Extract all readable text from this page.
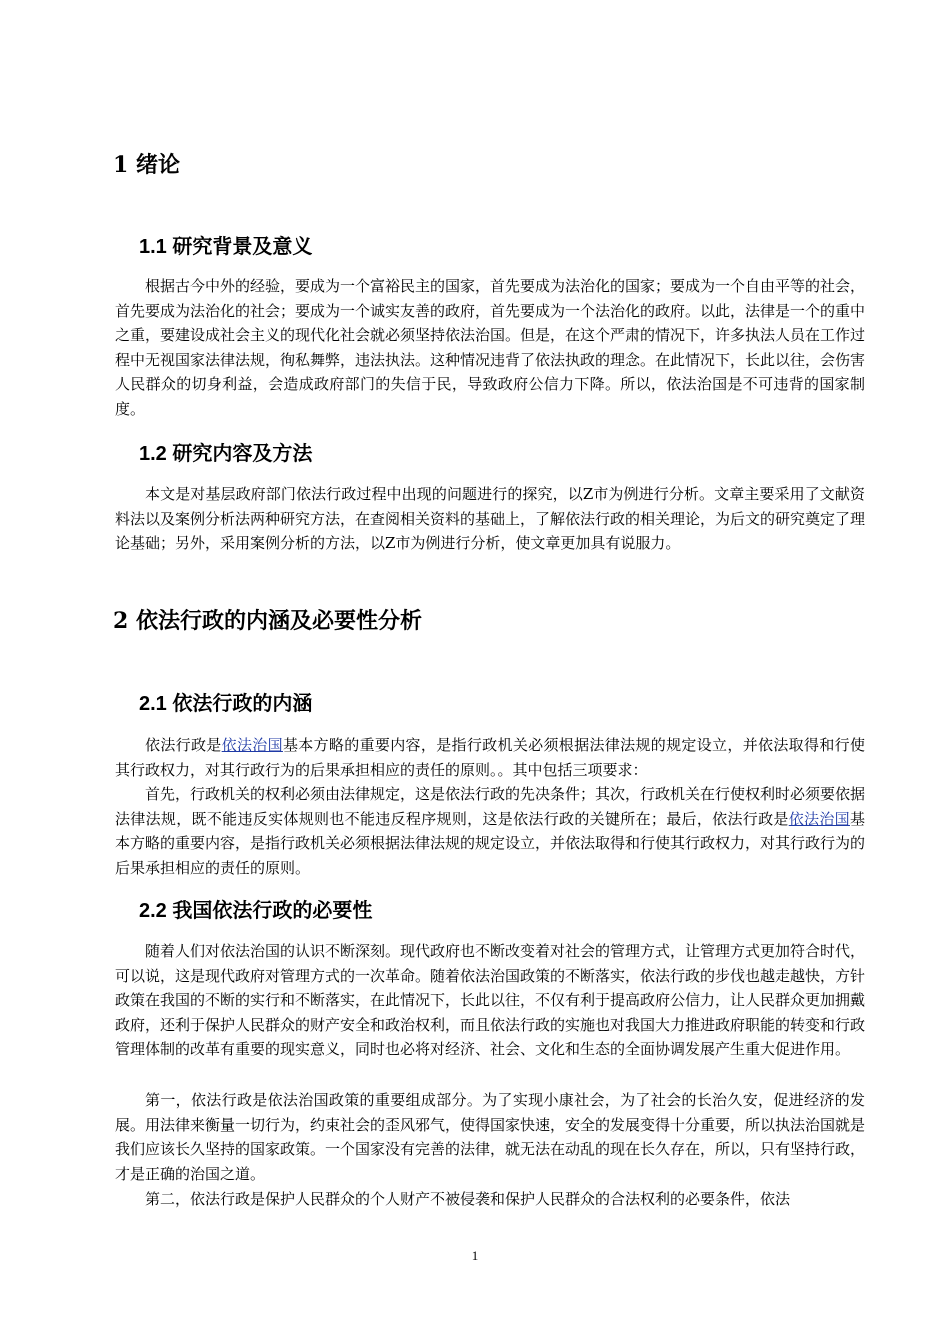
1 绪论
1.1 研究背景及意义

根据古今中外的经验，要成为一个富裕民主的国家，首先要成为法治化的国家；要成为一个自由平等的社会，首先要成为法治化的社会；要成为一个诚实友善的政府，首先要成为一个法治化的政府。以此，法律是一个的重中之重，要建设成社会主义的现代化社会就必须坚持依法治国。但是，在这个严肃的情况下，许多执法人员在工作过程中无视国家法律法规，徇私舞弊，违法执法。这种情况违背了依法执政的理念。在此情况下，长此以往，会伤害人民群众的切身利益，会造成政府部门的失信于民，导致政府公信力下降。所以，依法治国是不可违背的国家制度。

1.2 研究内容及方法

本文是对基层政府部门依法行政过程中出现的问题进行的探究，以Z市为例进行分析。文章主要采用了文献资料法以及案例分析法两种研究方法，在查阅相关资料的基础上，了解依法行政的相关理论，为后文的研究奠定了理论基础；另外，采用案例分析的方法，以Z市为例进行分析，使文章更加具有说服力。

2 依法行政的内涵及必要性分析
2.1 依法行政的内涵

依法行政是依法治国基本方略的重要内容，是指行政机关必须根据法律法规的规定设立，并依法取得和行使其行政权力，对其行政行为的后果承担相应的责任的原则。。其中包括三项要求：

首先，行政机关的权利必须由法律规定，这是依法行政的先决条件；其次，行政机关在行使权利时必须要依据法律法规，既不能违反实体规则也不能违反程序规则，这是依法行政的关键所在；最后，依法行政是依法治国基本方略的重要内容，是指行政机关必须根据法律法规的规定设立，并依法取得和行使其行政权力，对其行政行为的后果承担相应的责任的原则。

2.2 我国依法行政的必要性

随着人们对依法治国的认识不断深刻。现代政府也不断改变着对社会的管理方式，让管理方式更加符合时代，可以说，这是现代政府对管理方式的一次革命。随着依法治国政策的不断落实，依法行政的步伐也越走越快，方针政策在我国的不断的实行和不断落实，在此情况下，长此以往，不仅有利于提高政府公信力，让人民群众更加拥戴政府，还利于保护人民群众的财产安全和政治权利，而且依法行政的实施也对我国大力推进政府职能的转变和行政管理体制的改革有重要的现实意义，同时也必将对经济、社会、文化和生态的全面协调发展产生重大促进作用。

第一，依法行政是依法治国政策的重要组成部分。为了实现小康社会，为了社会的长治久安，促进经济的发展。用法律来衡量一切行为，约束社会的歪风邪气，使得国家快速，安全的发展变得十分重要，所以执法治国就是我们应该长久坚持的国家政策。一个国家没有完善的法律，就无法在动乱的现在长久存在，所以，只有坚持行政，才是正确的治国之道。

第二，依法行政是保护人民群众的个人财产不被侵袭和保护人民群众的合法权利的必要条件，依法

1
